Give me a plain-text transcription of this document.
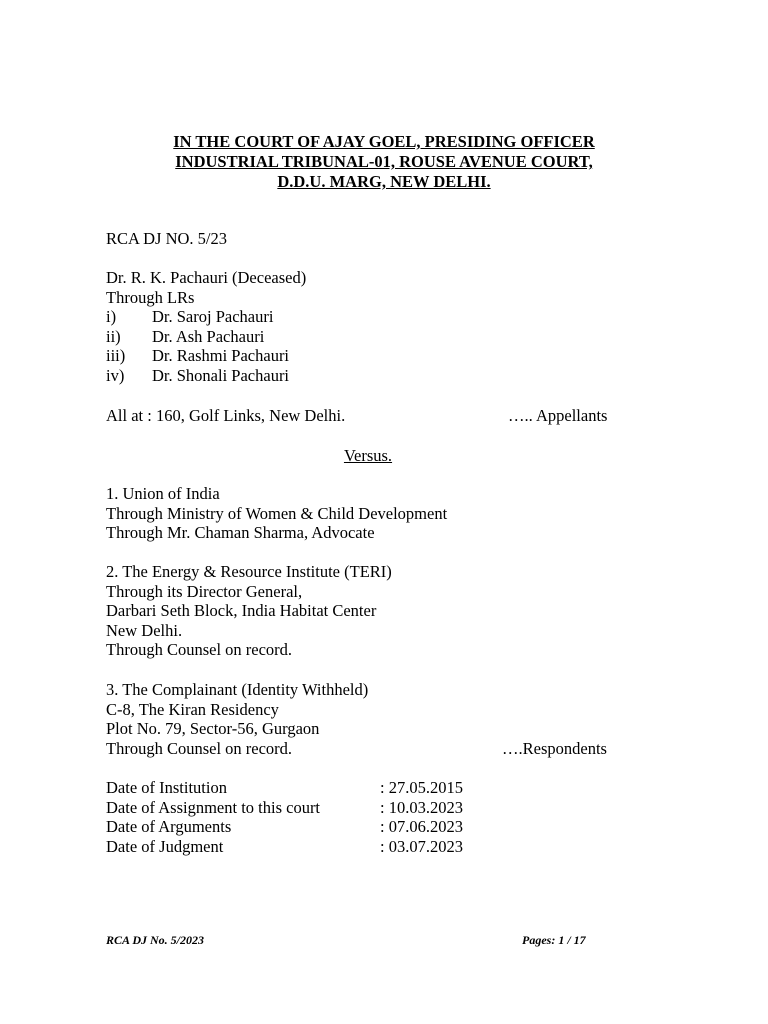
IN THE COURT OF AJAY GOEL, PRESIDING OFFICER
INDUSTRIAL TRIBUNAL-01, ROUSE AVENUE COURT,
D.D.U. MARG, NEW DELHI.
RCA DJ NO. 5/23
Dr. R. K. Pachauri (Deceased)
Through LRs
i)	Dr. Saroj Pachauri
ii)	Dr. Ash Pachauri
iii)	Dr. Rashmi Pachauri
iv)	Dr. Shonali Pachauri
All at : 160, Golf Links, New Delhi.	….. Appellants
Versus.
1. Union of India
Through Ministry of Women & Child Development
Through Mr. Chaman Sharma, Advocate
2. The Energy & Resource Institute (TERI)
Through its Director General,
Darbari Seth Block, India Habitat Center
New Delhi.
Through Counsel on record.
3. The Complainant (Identity Withheld)
C-8, The Kiran Residency
Plot No. 79, Sector-56, Gurgaon
Through Counsel on record.	….Respondents
Date of Institution	: 27.05.2015
Date of Assignment to this court	: 10.03.2023
Date of Arguments	: 07.06.2023
Date of Judgment	: 03.07.2023
RCA DJ No. 5/2023	Pages: 1 / 17
